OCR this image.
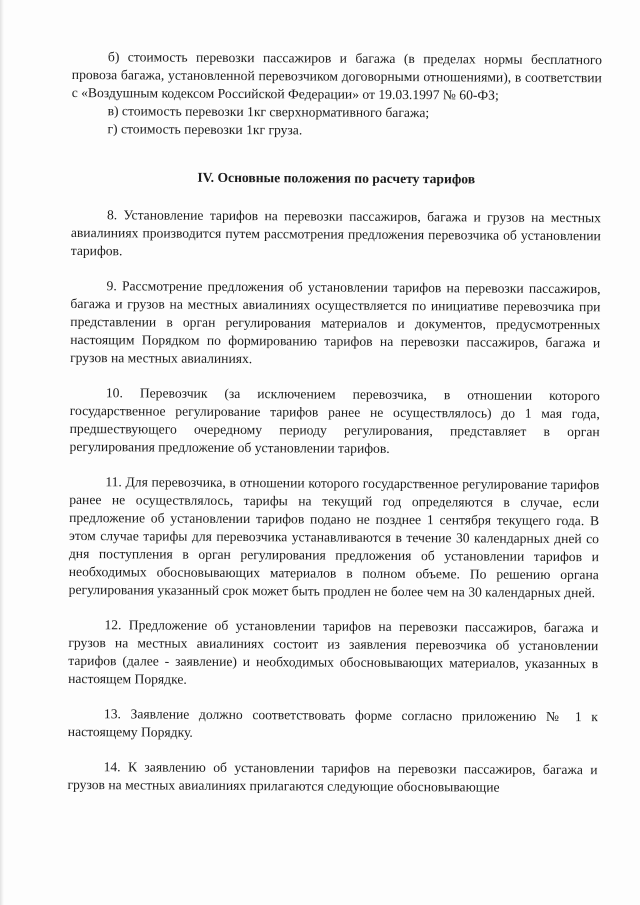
б) стоимость перевозки пассажиров и багажа (в пределах нормы бесплатного провоза багажа, установленной перевозчиком договорными отношениями), в соответствии с «Воздушным кодексом Российской Федерации» от 19.03.1997 № 60-ФЗ;

в) стоимость перевозки 1кг сверхнормативного багажа;

г) стоимость перевозки 1кг груза.

IV. Основные положения по расчету тарифов

8. Установление тарифов на перевозки пассажиров, багажа и грузов на местных авиалиниях производится путем рассмотрения предложения перевозчика об установлении тарифов.

9. Рассмотрение предложения об установлении тарифов на перевозки пассажиров, багажа и грузов на местных авиалиниях осуществляется по инициативе перевозчика при представлении в орган регулирования материалов и документов, предусмотренных настоящим Порядком по формированию тарифов на перевозки пассажиров, багажа и грузов на местных авиалиниях.

10. Перевозчик (за исключением перевозчика, в отношении которого государственное регулирование тарифов ранее не осуществлялось) до 1 мая года, предшествующего очередному периоду регулирования, представляет в орган регулирования предложение об установлении тарифов.

11. Для перевозчика, в отношении которого государственное регулирование тарифов ранее не осуществлялось, тарифы на текущий год определяются в случае, если предложение об установлении тарифов подано не позднее 1 сентября текущего года. В этом случае тарифы для перевозчика устанавливаются в течение 30 календарных дней со дня поступления в орган регулирования предложения об установлении тарифов и необходимых обосновывающих материалов в полном объеме. По решению органа регулирования указанный срок может быть продлен не более чем на 30 календарных дней.

12. Предложение об установлении тарифов на перевозки пассажиров, багажа и грузов на местных авиалиниях состоит из заявления перевозчика об установлении тарифов (далее - заявление) и необходимых обосновывающих материалов, указанных в настоящем Порядке.

13. Заявление должно соответствовать форме согласно приложению № 1 к настоящему Порядку.

14. К заявлению об установлении тарифов на перевозки пассажиров, багажа и грузов на местных авиалиниях прилагаются следующие обосновывающие
